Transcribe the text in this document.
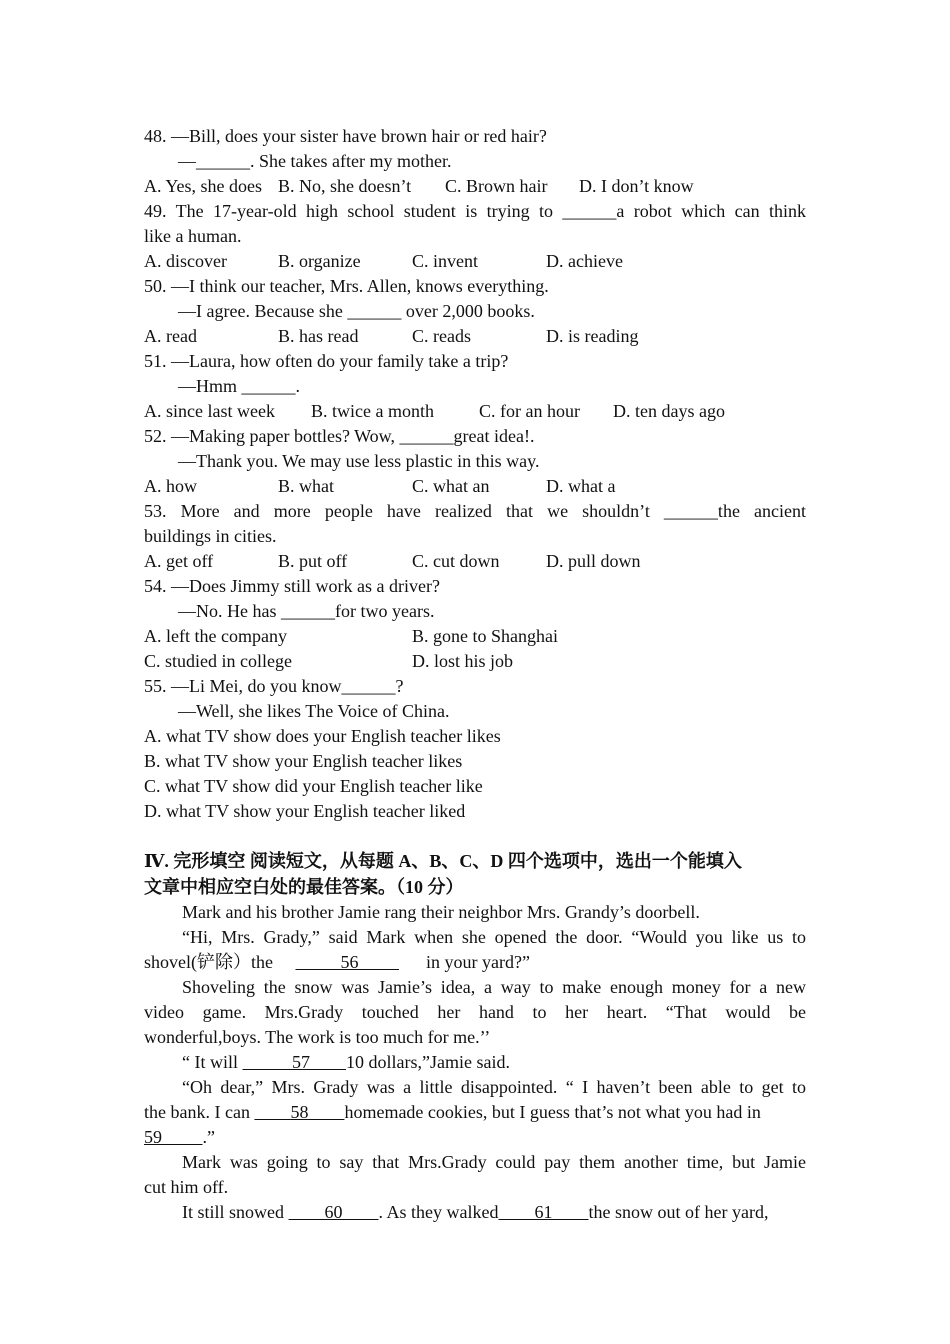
48. —Bill, does your sister have brown hair or red hair?
—______. She takes after my mother.
A. Yes, she does B. No, she doesn’t	C. Brown hair	D. I don’t know
49. The 17-year-old high school student is trying to ______a robot which can think
like a human.
A. discover	B. organize	C. invent	D. achieve
50. —I think our teacher, Mrs. Allen, knows everything.
—I agree. Because she ______ over 2,000 books.
A. read	B. has read	C. reads	D. is reading
51. —Laura, how often do your family take a trip?
—Hmm ______.
A. since last week	B. twice a month	C. for an hour	D. ten days ago
52. —Making paper bottles? Wow, ______great idea!.
—Thank you. We may use less plastic in this way.
A. how	B. what	C. what an	D. what a
53. More and more people have realized that we shouldn’t ______the ancient
buildings in cities.
A. get off	B. put off	C. cut down	D. pull down
54. —Does Jimmy still work as a driver?
—No. He has ______for two years.
A. left the company	B. gone to Shanghai
C. studied in college	D. lost his job
55. —Li Mei, do you know______?
—Well, she likes The Voice of China.
A. what TV show does your English teacher likes
B. what TV show your English teacher likes
C. what TV show did your English teacher like
D. what TV show your English teacher liked
Ⅳ. 完形填空 阅读短文，从每题 A、B、C、D 四个选项中，选出一个能填入
文章中相应空白处的最佳答案。（10 分）
Mark and his brother Jamie rang their neighbor Mrs. Grandy’s doorbell.
“Hi, Mrs. Grady,” said Mark when she opened the door. “Would you like us to
shovel(铲除）the	56	in your yard?”
Shoveling the snow was Jamie’s idea, a way to make enough money for a new
video game. Mrs.Grady touched her hand to her heart. “That would be
wonderful,boys. The work is too much for me.’’
“ It will	57 10 dollars,”Jamie said.
“Oh dear,” Mrs. Grady was a little disappointed. “ I haven’t been able to get to
the bank. I can 58 homemade cookies, but I guess that’s not what you had in
59 .”
Mark was going to say that Mrs.Grady could pay them another time, but Jamie
cut him off.
It still snowed 60 . As they walked 61 the snow out of her yard,
